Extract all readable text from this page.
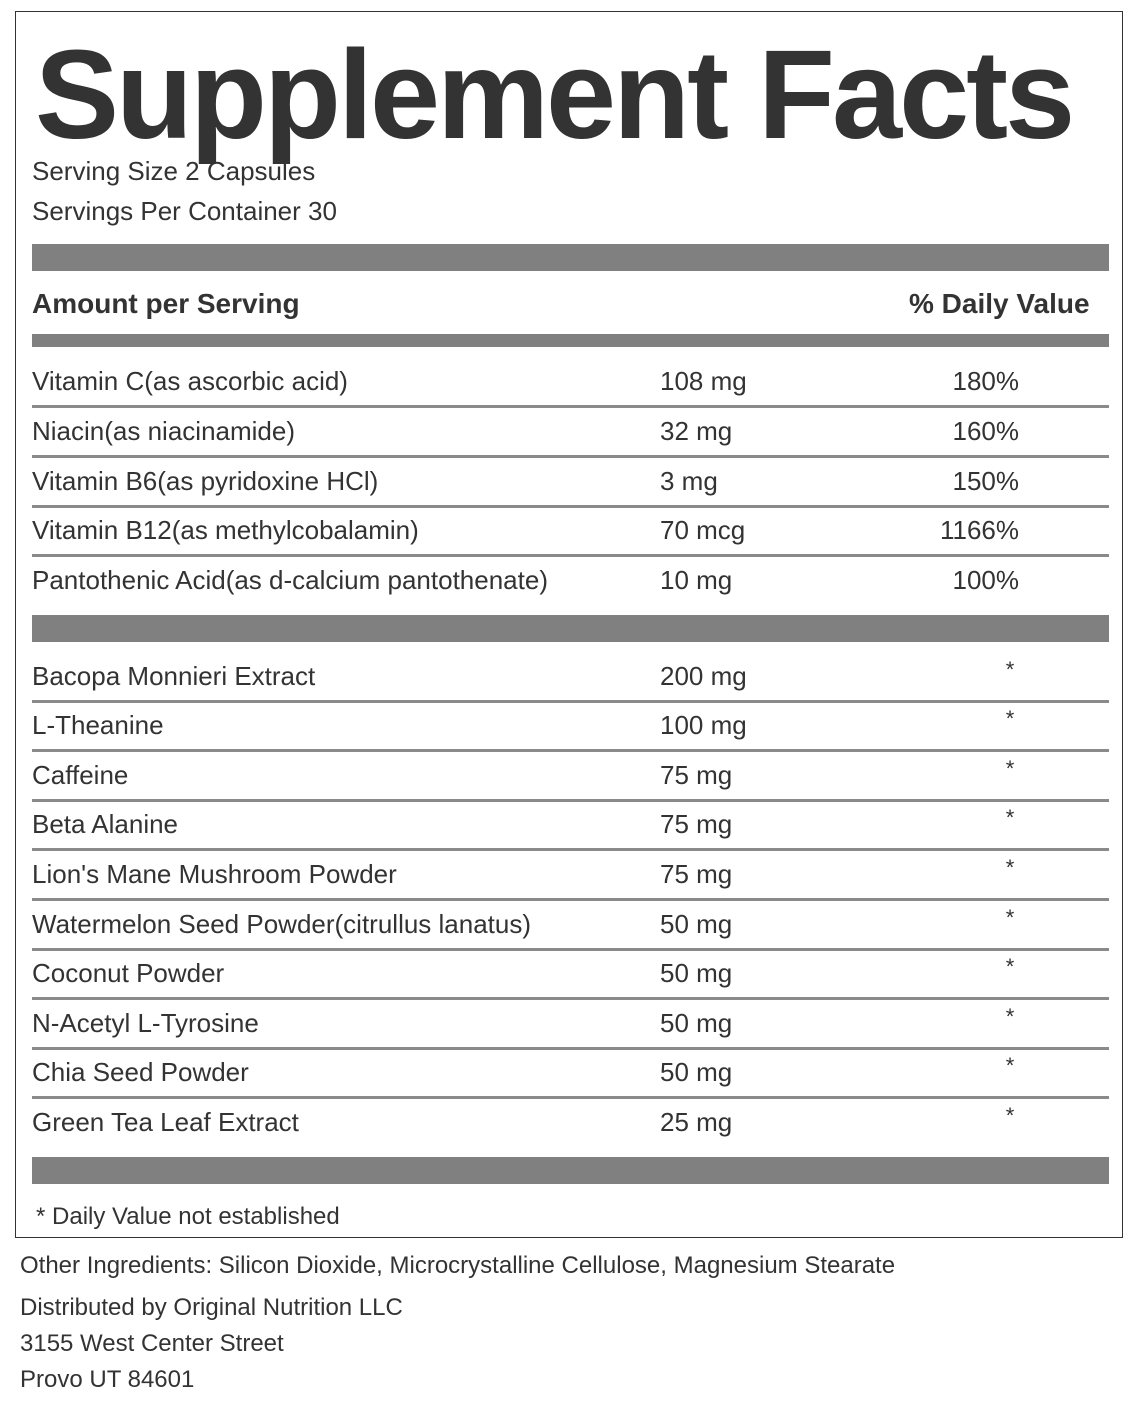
Supplement Facts
Serving Size 2 Capsules
Servings Per Container 30
Amount per Serving	% Daily Value
Vitamin C(as ascorbic acid)	108 mg	180%
Niacin(as niacinamide)	32 mg	160%
Vitamin B6(as pyridoxine HCl)	3 mg	150%
Vitamin B12(as methylcobalamin)	70 mcg	1166%
Pantothenic Acid(as d-calcium pantothenate)	10 mg	100%
Bacopa Monnieri Extract	200 mg	*
L-Theanine	100 mg	*
Caffeine	75 mg	*
Beta Alanine	75 mg	*
Lion's Mane Mushroom Powder	75 mg	*
Watermelon Seed Powder(citrullus lanatus)	50 mg	*
Coconut Powder	50 mg	*
N-Acetyl L-Tyrosine	50 mg	*
Chia Seed Powder	50 mg	*
Green Tea Leaf Extract	25 mg	*
* Daily Value not established
Other Ingredients: Silicon Dioxide, Microcrystalline Cellulose, Magnesium Stearate
Distributed by Original Nutrition LLC
3155 West Center Street
Provo UT 84601
